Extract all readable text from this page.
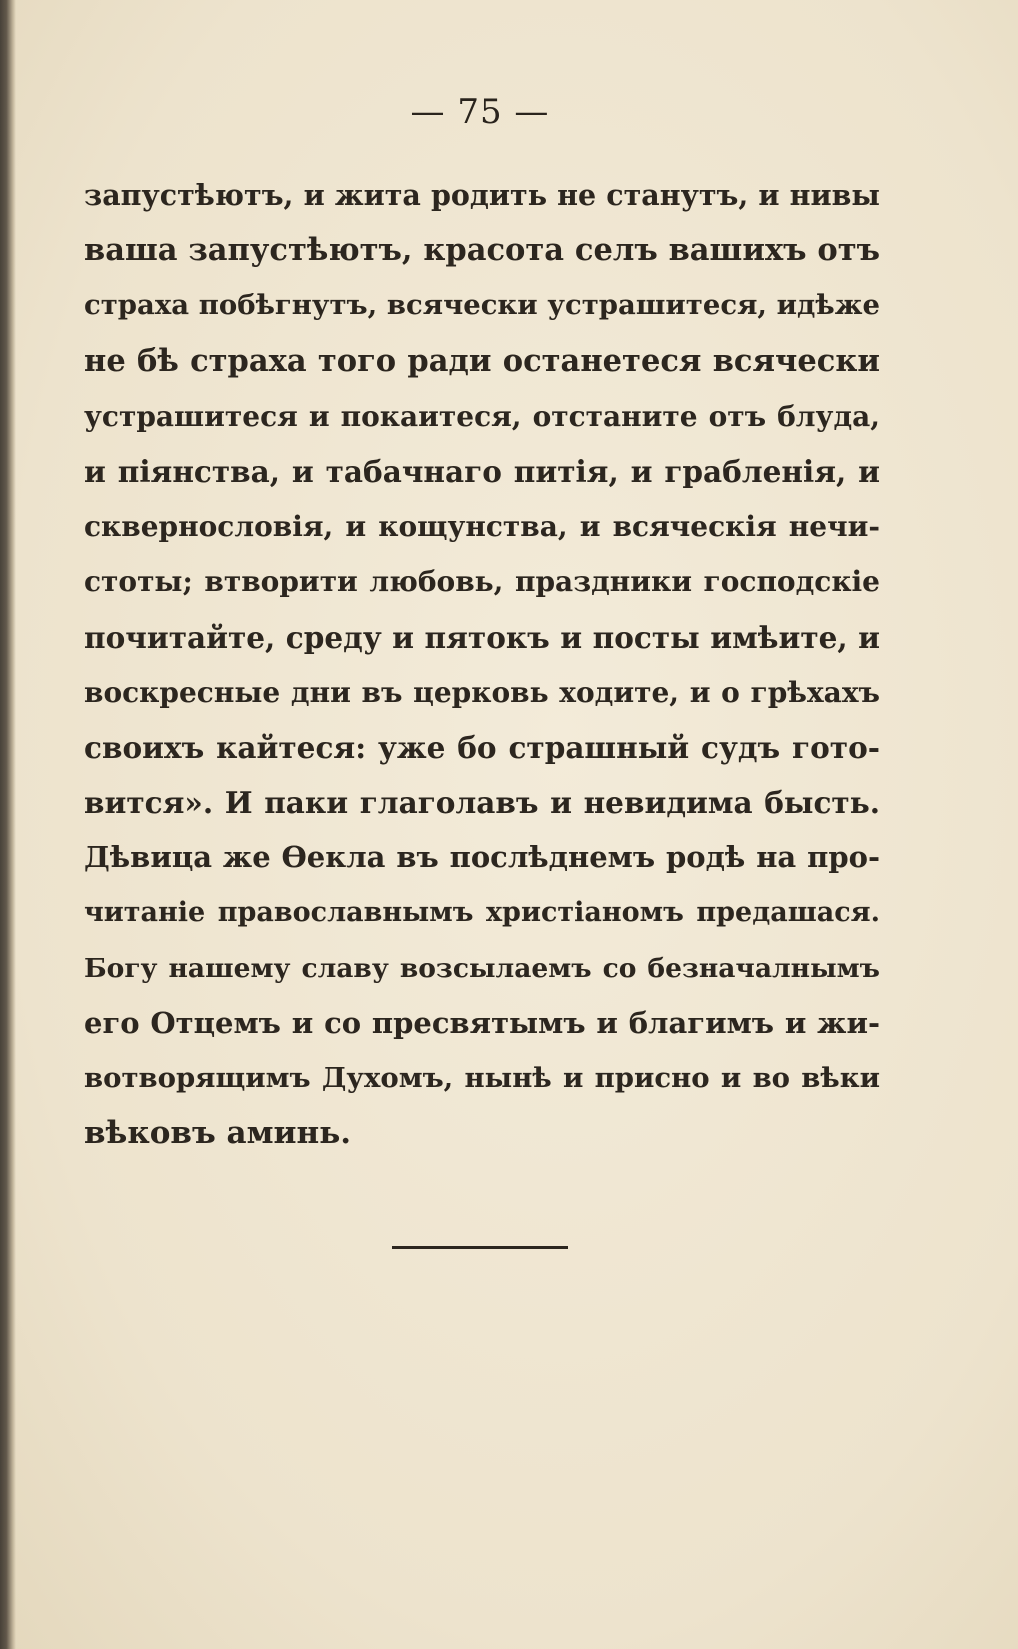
— 75 —
запустѣютъ, и жита родить не станутъ, и нивы
ваша запустѣютъ, красота селъ вашихъ отъ
страха побѣгнутъ, всячески устрашитеся, идѣже
не бѣ страха того ради останетеся всячески
устрашитеся и покаитеся, отстаните отъ блуда,
и пiянства, и табачнаго питiя, и грабленiя, и
сквернословiя, и кощунства, и всяческiя нечи-
стоты; втворити любовь, праздники господскiе
почитайте, среду и пятокъ и посты имѣите, и
воскресные дни въ церковь ходите, и о грѣхахъ
своихъ кайтеся: уже бо страшный судъ гото-
вится». И паки глаголавъ и невидима бысть.
Дѣвица же Ѳекла въ послѣднемъ родѣ на про-
читанiе православнымъ христiаномъ предашася.
Богу нашему славу возсылаемъ со безначалнымъ
его Отцемъ и со пресвятымъ и благимъ и жи-
вотворящимъ Духомъ, нынѣ и присно и во вѣки
вѣковъ аминь.
